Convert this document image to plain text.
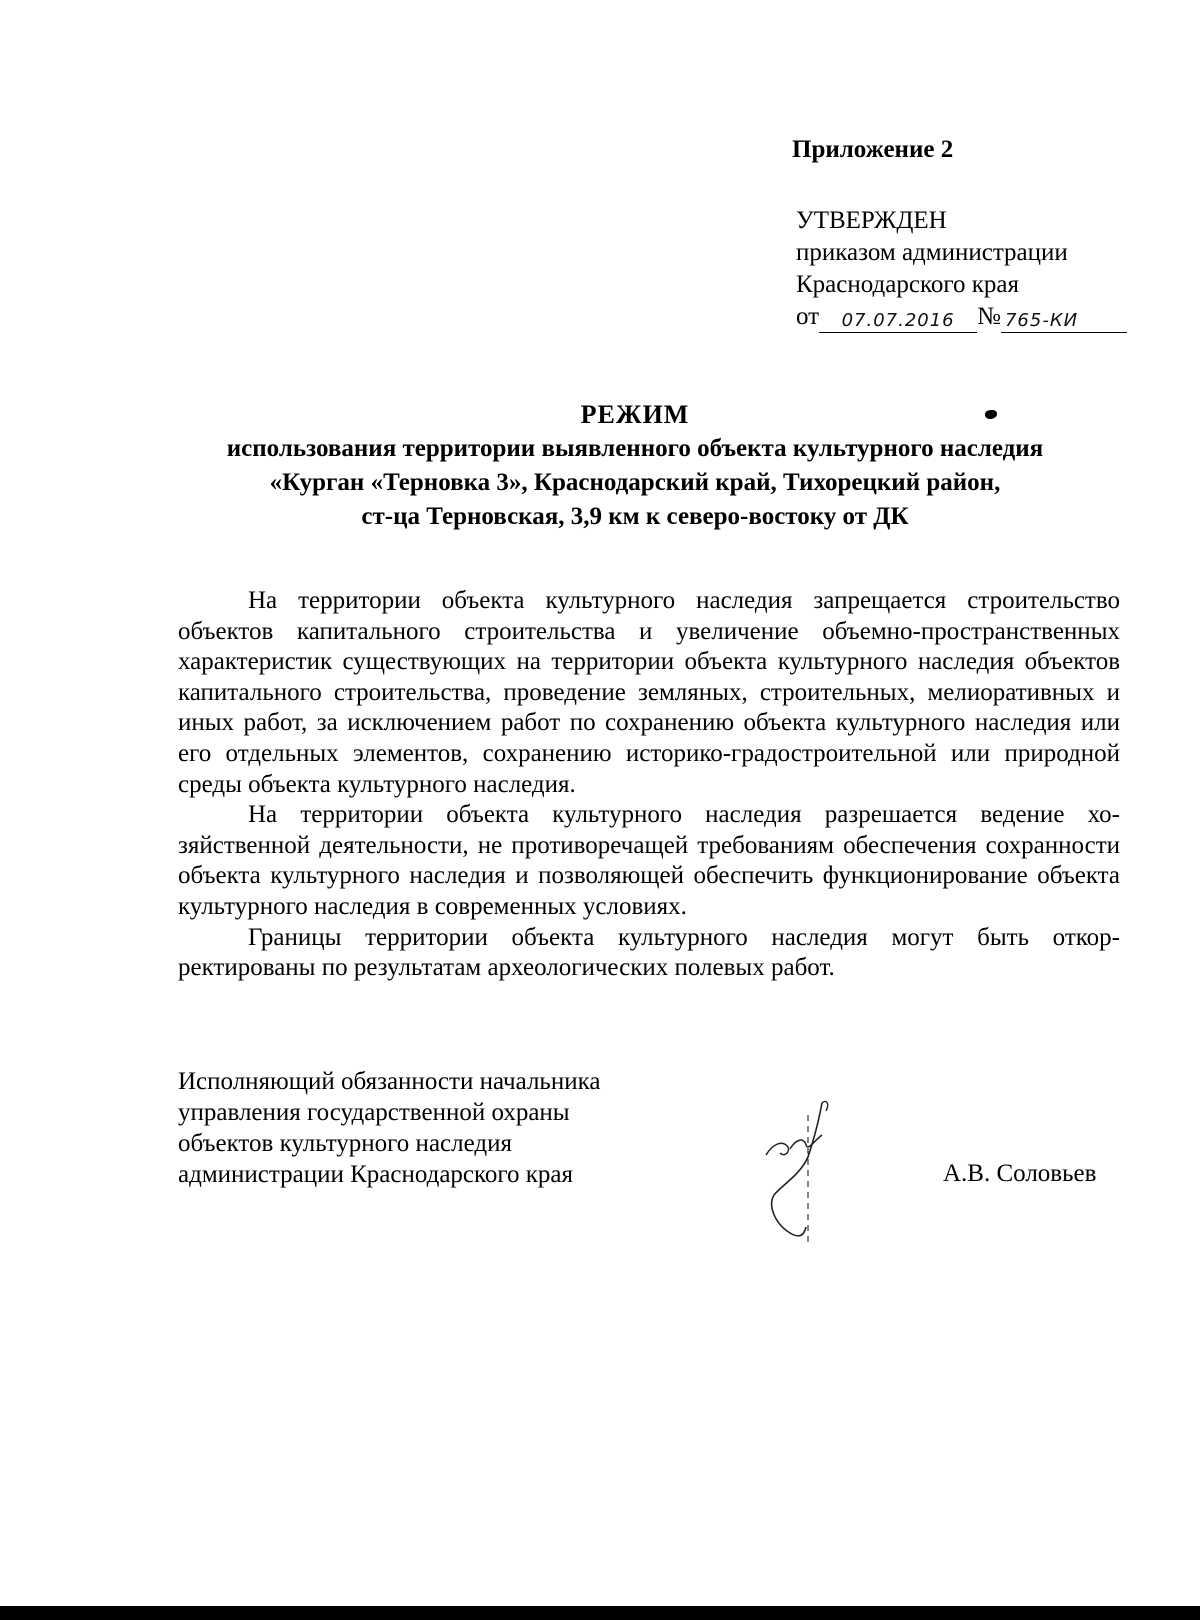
Приложение 2
УТВЕРЖДЕН
приказом администрации
Краснодарского края
от	07.07.2016 № 765-КИ
РЕЖИМ
использования территории выявленного объекта культурного наследия
«Курган «Терновка 3», Краснодарский край, Тихорецкий район,
ст-ца Терновская, 3,9 км к северо-востоку от ДК

На территории объекта культурного наследия запрещается строительство объектов капитального строительства и увеличение объемно-пространственных характеристик существующих на территории объекта культурного наследия объектов капитального строительства, проведение земляных, строительных, мелиоративных и иных работ, за исключением работ по сохранению объекта культурного наследия или его отдельных элементов, сохранению историко-градостроительной или природной среды объекта культурного наследия.

На территории объекта культурного наследия разрешается ведение хозяйственной деятельности, не противоречащей требованиям обеспечения сохранности объекта культурного наследия и позволяющей обеспечить функционирование объекта культурного наследия в современных условиях.

Границы территории объекта культурного наследия могут быть откорректированы по результатам археологических полевых работ.

Исполняющий обязанности начальника
управления государственной охраны
объектов культурного наследия
администрации Краснодарского края	А.В. Соловьев
